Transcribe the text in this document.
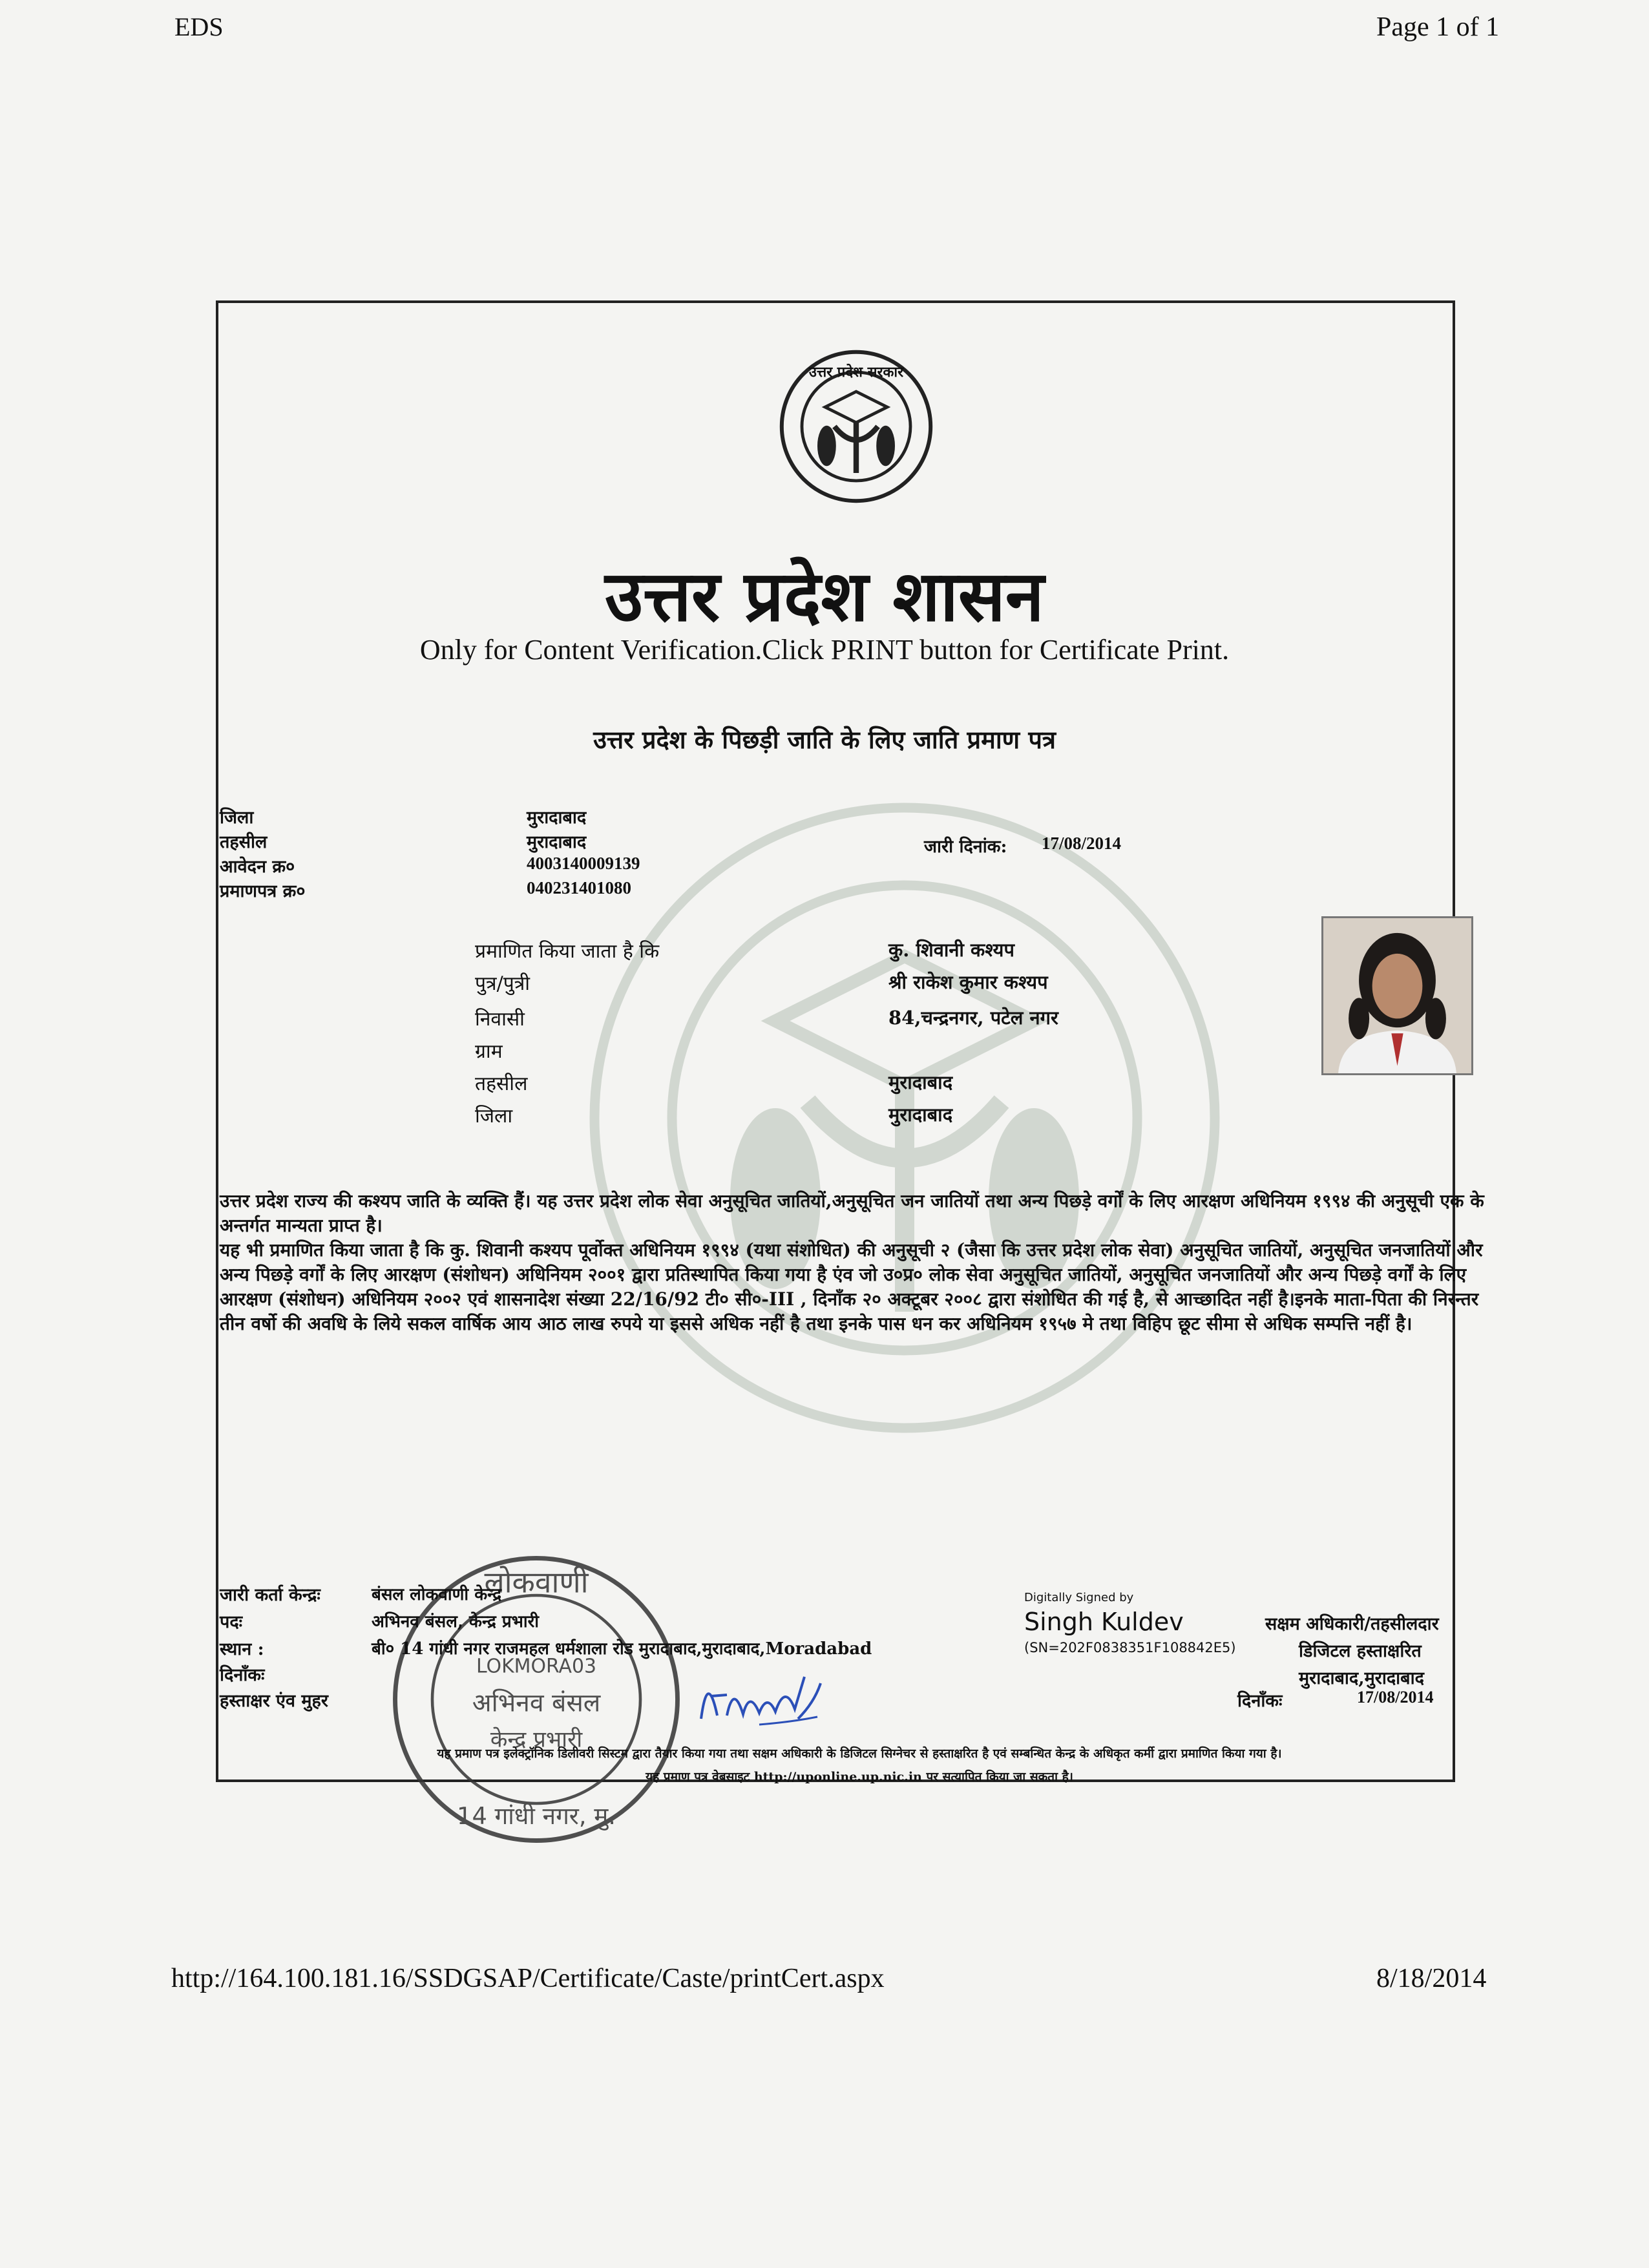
EDS	Page 1 of 1
उत्तर प्रदेश सरकार
उत्तर प्रदेश शासन
Only for Content Verification.Click PRINT button for Certificate Print.
उत्तर प्रदेश के पिछड़ी जाति के लिए जाति प्रमाण पत्र
जिला	मुरादाबाद
तहसील	मुरादाबाद
आवेदन क्र०	4003140009139
प्रमाणपत्र क्र०	040231401080
जारी दिनांक: 17/08/2014
प्रमाणित किया जाता है कि	कु. शिवानी कश्यप
पुत्र/पुत्री	श्री राकेश कुमार कश्यप
निवासी	84,चन्द्रनगर, पटेल नगर
ग्राम
तहसील	मुरादाबाद
जिला	मुरादाबाद

उत्तर प्रदेश राज्य की कश्यप जाति के व्यक्ति हैं। यह उत्तर प्रदेश लोक सेवा अनुसूचित जातियों,अनुसूचित जन जातियों तथा अन्य पिछड़े वर्गों के लिए आरक्षण अधिनियम १९९४ की अनुसूची एक के अन्तर्गत मान्यता प्राप्त है।

यह भी प्रमाणित किया जाता है कि कु. शिवानी कश्यप पूर्वोक्त अधिनियम १९९४ (यथा संशोधित) की अनुसूची २ (जैसा कि उत्तर प्रदेश लोक सेवा) अनुसूचित जातियों, अनुसूचित जनजातियों और अन्य पिछड़े वर्गों के लिए आरक्षण (संशोधन) अधिनियम २००१ द्वारा प्रतिस्थापित किया गया है एंव जो उ०प्र० लोक सेवा अनुसूचित जातियों, अनुसूचित जनजातियों और अन्य पिछड़े वर्गों के लिए आरक्षण (संशोधन) अधिनियम २००२ एवं शासनादेश संख्या 22/16/92 टी० सी०-III , दिनाँक २० अक्टूबर २००८ द्वारा संशोधित की गई है, से आच्छादित नहीं है।इनके माता-पिता की निरन्तर तीन वर्षो की अवधि के लिये सकल वार्षिक आय आठ लाख रुपये या इससे अधिक नहीं है तथा इनके पास धन कर अधिनियम १९५७ मे तथा विहिप छूट सीमा से अधिक सम्पत्ति नहीं है।

लोकवाणी
LOKMORA03
अभिनव बंसल
केन्द्र प्रभारी
14 गांधी नगर, मु.
जारी कर्ता केन्द्रः	बंसल लोकवाणी केन्द्र
पदः	अभिनव बंसल, केन्द्र प्रभारी
स्थान :	बी० 14 गांधी नगर राजमहल धर्मशाला रोड मुरादाबाद,मुरादाबाद,Moradabad	(SN=202F0838351F108842E5)
दिनाँकः
हस्ताक्षर एंव मुहर
Digitally Signed by
Singh Kuldev	सक्षम अधिकारी/तहसीलदार
डिजिटल हस्ताक्षरित
मुरादाबाद,मुरादाबाद
दिनाँकः	17/08/2014
यह प्रमाण पत्र इलेक्ट्रॉनिक डिलीवरी सिस्टम द्वारा तैयार किया गया तथा सक्षम अधिकारी के डिजिटल सिग्नेचर से हस्ताक्षरित है एवं सम्बन्धित केन्द्र के अधिकृत कर्मी द्वारा प्रमाणित किया गया है।
यह प्रमाण पत्र वेबसाइट http://uponline.up.nic.in पर सत्यापित किया जा सकता है।
http://164.100.181.16/SSDGSAP/Certificate/Caste/printCert.aspx	8/18/2014
